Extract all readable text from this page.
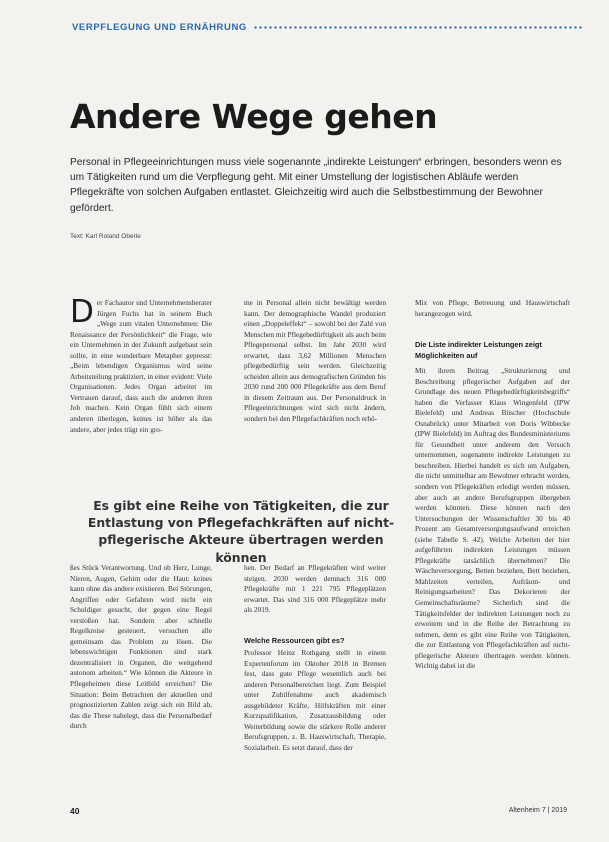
VERPFLEGUNG UND ERNÄHRUNG
Andere Wege gehen

Personal in Pflegeeinrichtungen muss viele sogenannte „indirekte Leistungen“ erbringen, besonders wenn es um Tätigkeiten rund um die Verpflegung geht. Mit einer Umstellung der logistischen Abläufe werden Pflegekräfte von solchen Aufgaben entlastet. Gleichzeitig wird auch die Selbstbestimmung der Bewohner gefördert.

Text: Karl Roland Oberle

Der Fachautor und Unternehmensberater Jürgen Fuchs hat in seinem Buch „Wege zum vitalen Unternehmen: Die Renaissance der Persönlichkeit“ die Frage, wie ein Unternehmen in der Zukunft aufgebaut sein sollte, in eine wunderbare Metapher gepresst: „Beim lebendigen Organismus wird seine Arbeitsteilung praktiziert, in einer evident: Viele Organisationen. Jedes Organ arbeitet im Vertrauen darauf, dass auch die anderen ihren Job machen. Kein Organ fühlt sich einem anderen überlegen, keines ist höher als das andere, aber jedes trägt ein gro-

me in Personal allein nicht bewältigt werden kann. Der demographische Wandel produziert einen „Doppeleffekt“ – sowohl bei der Zahl von Menschen mit Pflegebedürftigkeit als auch beim Pflegepersonal selbst. Im Jahr 2030 wird erwartet, dass 3,62 Millionen Menschen pflegebedürftig sein werden. Gleichzeitig scheiden allein aus demografischen Gründen bis 2030 rund 200 000 Pflegekräfte aus dem Beruf in diesem Zeitraum aus. Der Personaldruck in Pflegeeinrichtungen wird sich nicht ändern, sondern bei den Pflegefachkräften noch erhö-

Mix von Pflege, Betreuung und Hauswirtschaft herangezogen wird.

Die Liste indirekter Leistungen zeigt Möglichkeiten auf

Mit ihrem Beitrag „Strukturierung und Beschreibung pflegerischer Aufgaben auf der Grundlage des neuen Pflegebedürftigkeitsbegriffs“ haben die Verfasser Klaus Wingenfeld (IPW Bielefeld) und Andreas Büscher (Hochschule Osnabrück) unter Mitarbeit von Doris Wibbecke (IPW Bielefeld) im Auftrag des Bundesministeriums für Gesundheit unter anderem den Versuch unternommen, sogenannte indirekte Leistungen zu beschreiben. Hierbei handelt es sich um Aufgaben, die nicht unmittelbar am Bewohner erbracht werden, sondern von Pflegekräften erledigt werden müssen, aber auch an andere Berufsgruppen übergeben werden könnten. Diese können nach den Untersuchungen der Wissenschaftler 30 bis 40 Prozent am Gesamtversorgungsaufwand erreichen (siehe Tabelle S. 42). Welche Arbeiten der hier aufgeführten indirekten Leistungen müssen Pflegekräfte tatsächlich übernehmen? Die Wäscheversorgung, Betten beziehen, Bett beziehen, Mahlzeiten verteilen, Aufräum- und Reinigungsarbeiten? Das Dekorieren der Gemeinschaftsräume? Sicherlich sind die Tätigkeitsfelder der indirekten Leistungen noch zu erweitern und in die Reihe der Betrachtung zu nehmen, denn es gibt eine Reihe von Tätigkeiten, die zur Entlastung von Pflegefachkräften auf nicht-pflegerische Akteure übertragen werden können. Wichtig dabei ist die

Es gibt eine Reihe von Tätigkeiten, die zur Entlastung von Pflegefachkräften auf nicht-pflegerische Akteure übertragen werden können

ßes Stück Verantwortung. Und ob Herz, Lunge, Nieren, Augen, Gehirn oder die Haut: keines kann ohne das andere existieren. Bei Störungen, Angriffen oder Gefahren wird nicht ein Schuldiger gesucht, der gegen eine Regel verstoßen hat. Sondern aber schnelle Regelkreise gesteuert, versuchen alle gemeinsam das Problem zu lösen. Die lebenswichtigen Funktionen sind stark dezentralisiert in Organen, die weitgehend autonom arbeiten.“ Wie können die Akteure in Pflegeheimen diese Leitbild erreichen? Die Situation: Beim Betrachten der aktuellen und prognostizierten Zahlen zeigt sich ein Bild ab, das die These nahelegt, dass die Personalbedarf durch

hen. Der Bedarf an Pflegekräften wird weiter steigen. 2030 werden demnach 316 000 Pflegekräfte mit 1 221 795 Pflegeplätzen erwartet. Das sind 316 000 Pflegeplätze mehr als 2019.

Welche Ressourcen gibt es?

Professor Heinz Rothgang stellt in einem Expertenforum im Oktober 2018 in Bremen fest, dass gute Pflege wesentlich auch bei anderen Personalbereichen liegt. Zum Beispiel unter Zuhilfenahme auch akademisch ausgebildeter Kräfte, Hilfskräften mit einer Kurzqualifikation, Zusatzausbildung oder Weiterbildung sowie die stärkere Rolle anderer Berufsgruppen, z. B. Hauswirtschaft, Therapie, Sozialarbeit. Es setzt darauf, dass der

40	Altenheim 7 | 2019
